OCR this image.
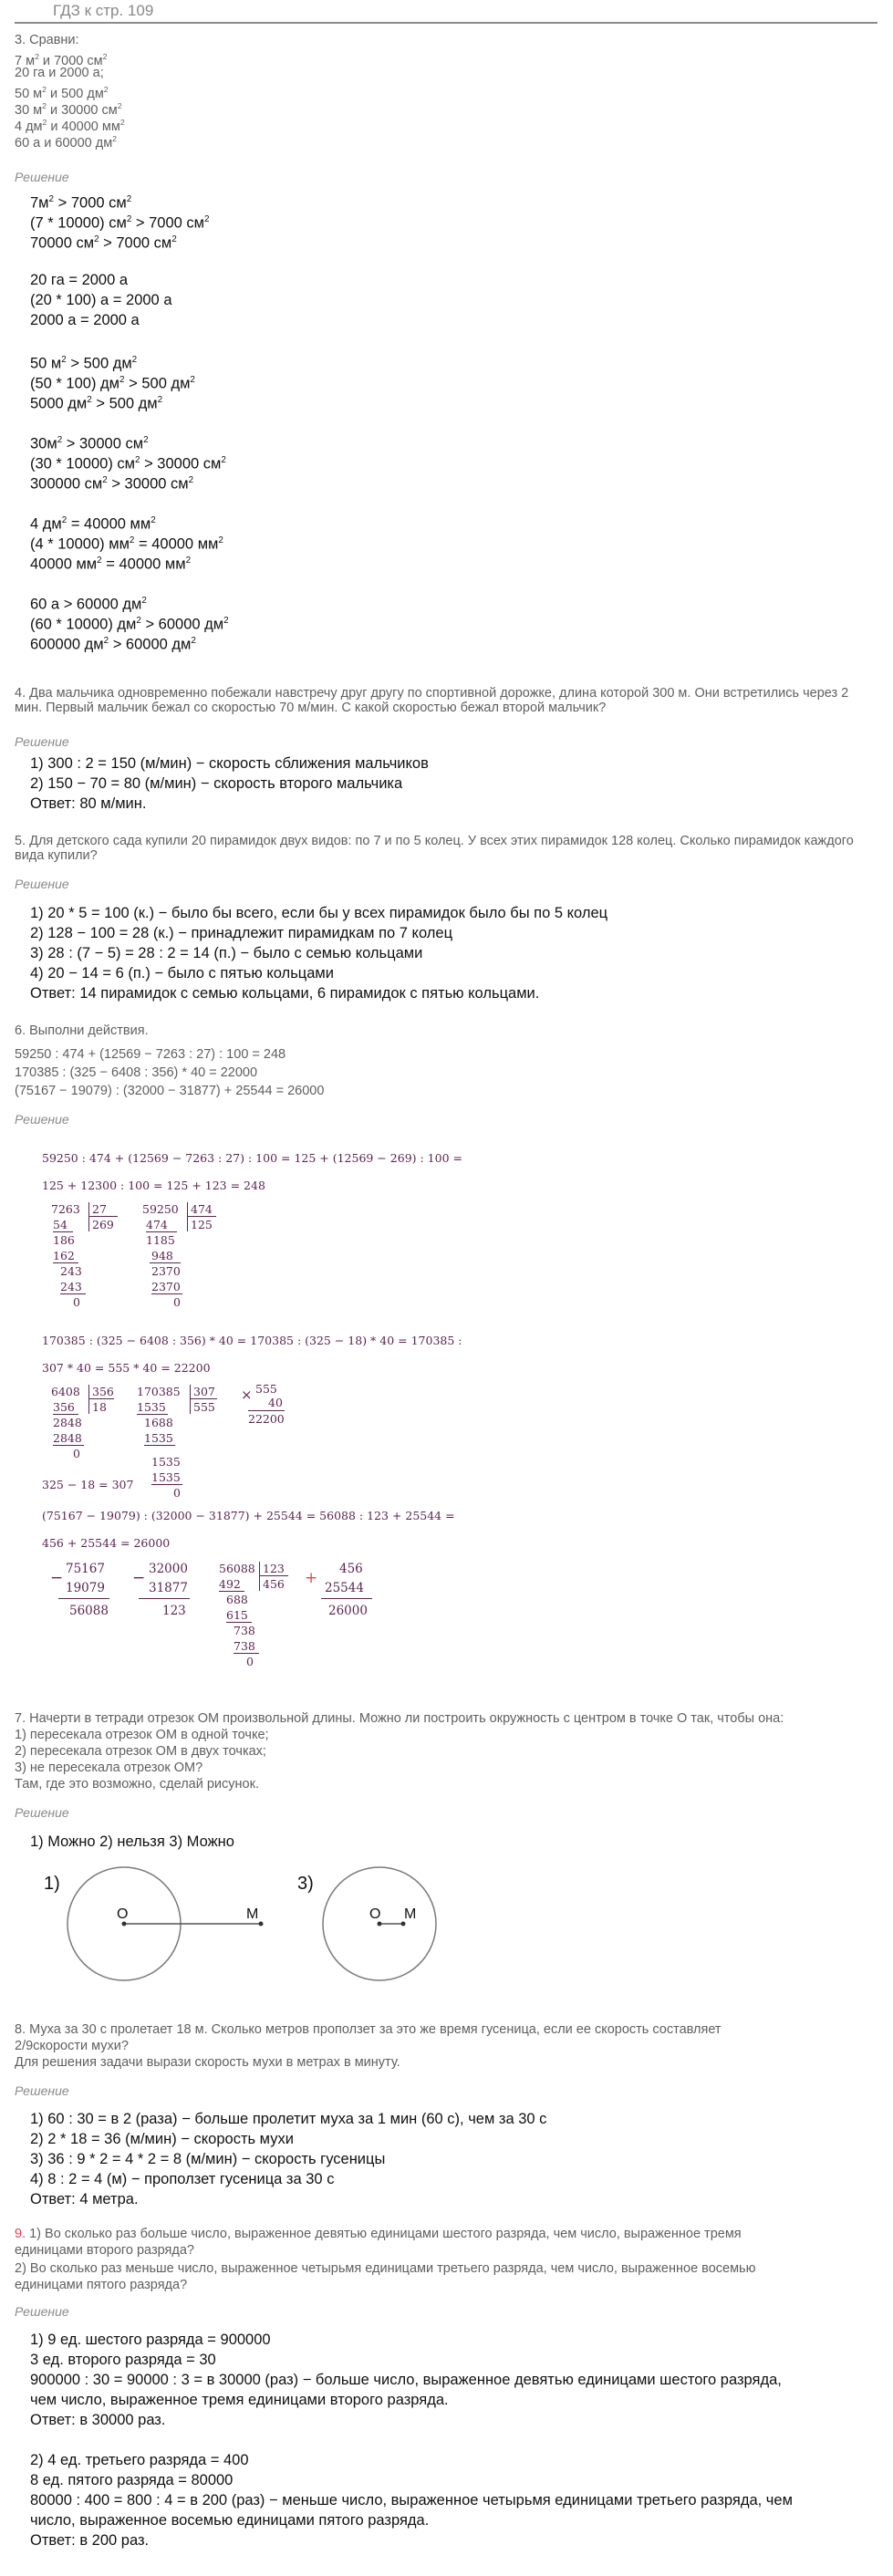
ГДЗ к стр. 109
3. Сравни:
7 $м^2$ и 7000 $см^2$
20 га и 2000 а;
50 $м^2$ и 500 $дм^2$
30 $м^2$ и 30000 $см^2$
4 $дм^2$ и 40000 $мм^2$
60 а и 60000 $дм^2$
Решение
$7м^2 > 7000$ $см^2$
(7 * 10000) $см^2 > 7000$ $см^2$
70000 $см^2 > 7000$ $см^2$
20 га = 2000 а
(20 * 100) а = 2000 а
2000 а = 2000 а
50 $м^2 > 500$ $дм^2$
(50 * 100) $дм^2 > 500$ $дм^2$
5000 $дм^2 > 500$ $дм^2$
$30м^2 > 30000$ $см^2$
(30 * 10000) $см^2 > 30000$ $см^2$
300000 $см^2 > 30000$ $см^2$
4 $дм^2 = 40000$ $мм^2$
(4 * 10000) $мм^2 = 40000$ $мм^2$
40000 $мм^2 = 40000$ $мм^2$
60 а > 60000 $дм^2$
(60 * 10000) $дм^2 > 60000$ $дм^2$
600000 $дм^2 > 60000$ $дм^2$
4. Два мальчика одновременно побежали навстречу друг другу по спортивной дорожке, длина которой 300 м. Они встретились через 2 мин. Первый мальчик бежал со скоростью 70 м/мин. С какой скоростью бежал второй мальчик?
Решение
1) 300 : 2 = 150 (м/мин) − скорость сближения мальчиков
2) 150 − 70 = 80 (м/мин) − скорость второго мальчика
Ответ: 80 м/мин.
5. Для детского сада купили 20 пирамидок двух видов: по 7 и по 5 колец. У всех этих пирамидок 128 колец. Сколько пирамидок каждого вида купили?
Решение
1) 20 * 5 = 100 (к.) − было бы всего, если бы у всех пирамидок было бы по 5 колец
2) 128 − 100 = 28 (к.) − принадлежит пирамидкам по 7 колец
3) 28 : (7 − 5) = 28 : 2 = 14 (п.) − было с семью кольцами
4) 20 − 14 = 6 (п.) − было с пятью кольцами
Ответ: 14 пирамидок с семью кольцами, 6 пирамидок с пятью кольцами.
6. Выполни действия.
59250 : 474 + (12569 − 7263 : 27) : 100 = 248
170385 : (325 − 6408 : 356) * 40 = 22000
(75167 − 19079) : (32000 − 31877) + 25544 = 26000
Решение
59250 : 474 + (12569 − 7263 : 27) : 100 = 125 + (12569 − 269) : 100 =
125 + 12300 : 100 = 125 + 123 = 248
7263 27
269
54
186
162
243
243
0
59250 474
125
474
1185
948
2370
2370
0
170385 : (325 − 6408 : 356) * 40 = 170385 : (325 − 18) * 40 = 170385 :
307 * 40 = 555 * 40 = 22200
6408 356
18
356
2848
2848
0
170385 307
555
1535
1688
1535
1535
1535
0
× 555
40
22200
325 − 18 = 307
(75167 − 19079) : (32000 − 31877) + 25544 = 56088 : 123 + 25544 =
456 + 25544 = 26000
− 75167
19079
56088
− 32000
31877
123
56088 123
456
492
688
615
738
738
0
+ 456
25544
26000
7. Начерти в тетради отрезок ОМ произвольной длины. Можно ли построить окружность с центром в точке О так, чтобы она:
1) пересекала отрезок ОМ в одной точке;
2) пересекала отрезок ОМ в двух точках;
3) не пересекала отрезок ОМ?
Там, где это возможно, сделай рисунок.
Решение
1) Можно 2) нельзя 3) Можно
1)
О	М
3)
О М
8. Муха за 30 с пролетает 18 м. Сколько метров проползет за это же время гусеница, если ее скорость составляет
2/9скорости мухи?
Для решения задачи вырази скорость мухи в метрах в минуту.
Решение
1) 60 : 30 = в 2 (раза) − больше пролетит муха за 1 мин (60 с), чем за 30 с
2) 2 * 18 = 36 (м/мин) − скорость мухи
3) 36 : 9 * 2 = 4 * 2 = 8 (м/мин) − скорость гусеницы
4) 8 : 2 = 4 (м) − проползет гусеница за 30 с
Ответ: 4 метра.
9. 1) Во сколько раз больше число, выраженное девятью единицами шестого разряда, чем число, выраженное тремя
единицами второго разряда?
2) Во сколько раз меньше число, выраженное четырьмя единицами третьего разряда, чем число, выраженное восемью
единицами пятого разряда?
Решение
1) 9 ед. шестого разряда = 900000
3 ед. второго разряда = 30
900000 : 30 = 90000 : 3 = в 30000 (раз) − больше число, выраженное девятью единицами шестого разряда,
чем число, выраженное тремя единицами второго разряда.
Ответ: в 30000 раз.
2) 4 ед. третьего разряда = 400
8 ед. пятого разряда = 80000
80000 : 400 = 800 : 4 = в 200 (раз) − меньше число, выраженное четырьмя единицами третьего разряда, чем
число, выраженное восемью единицами пятого разряда.
Ответ: в 200 раз.
